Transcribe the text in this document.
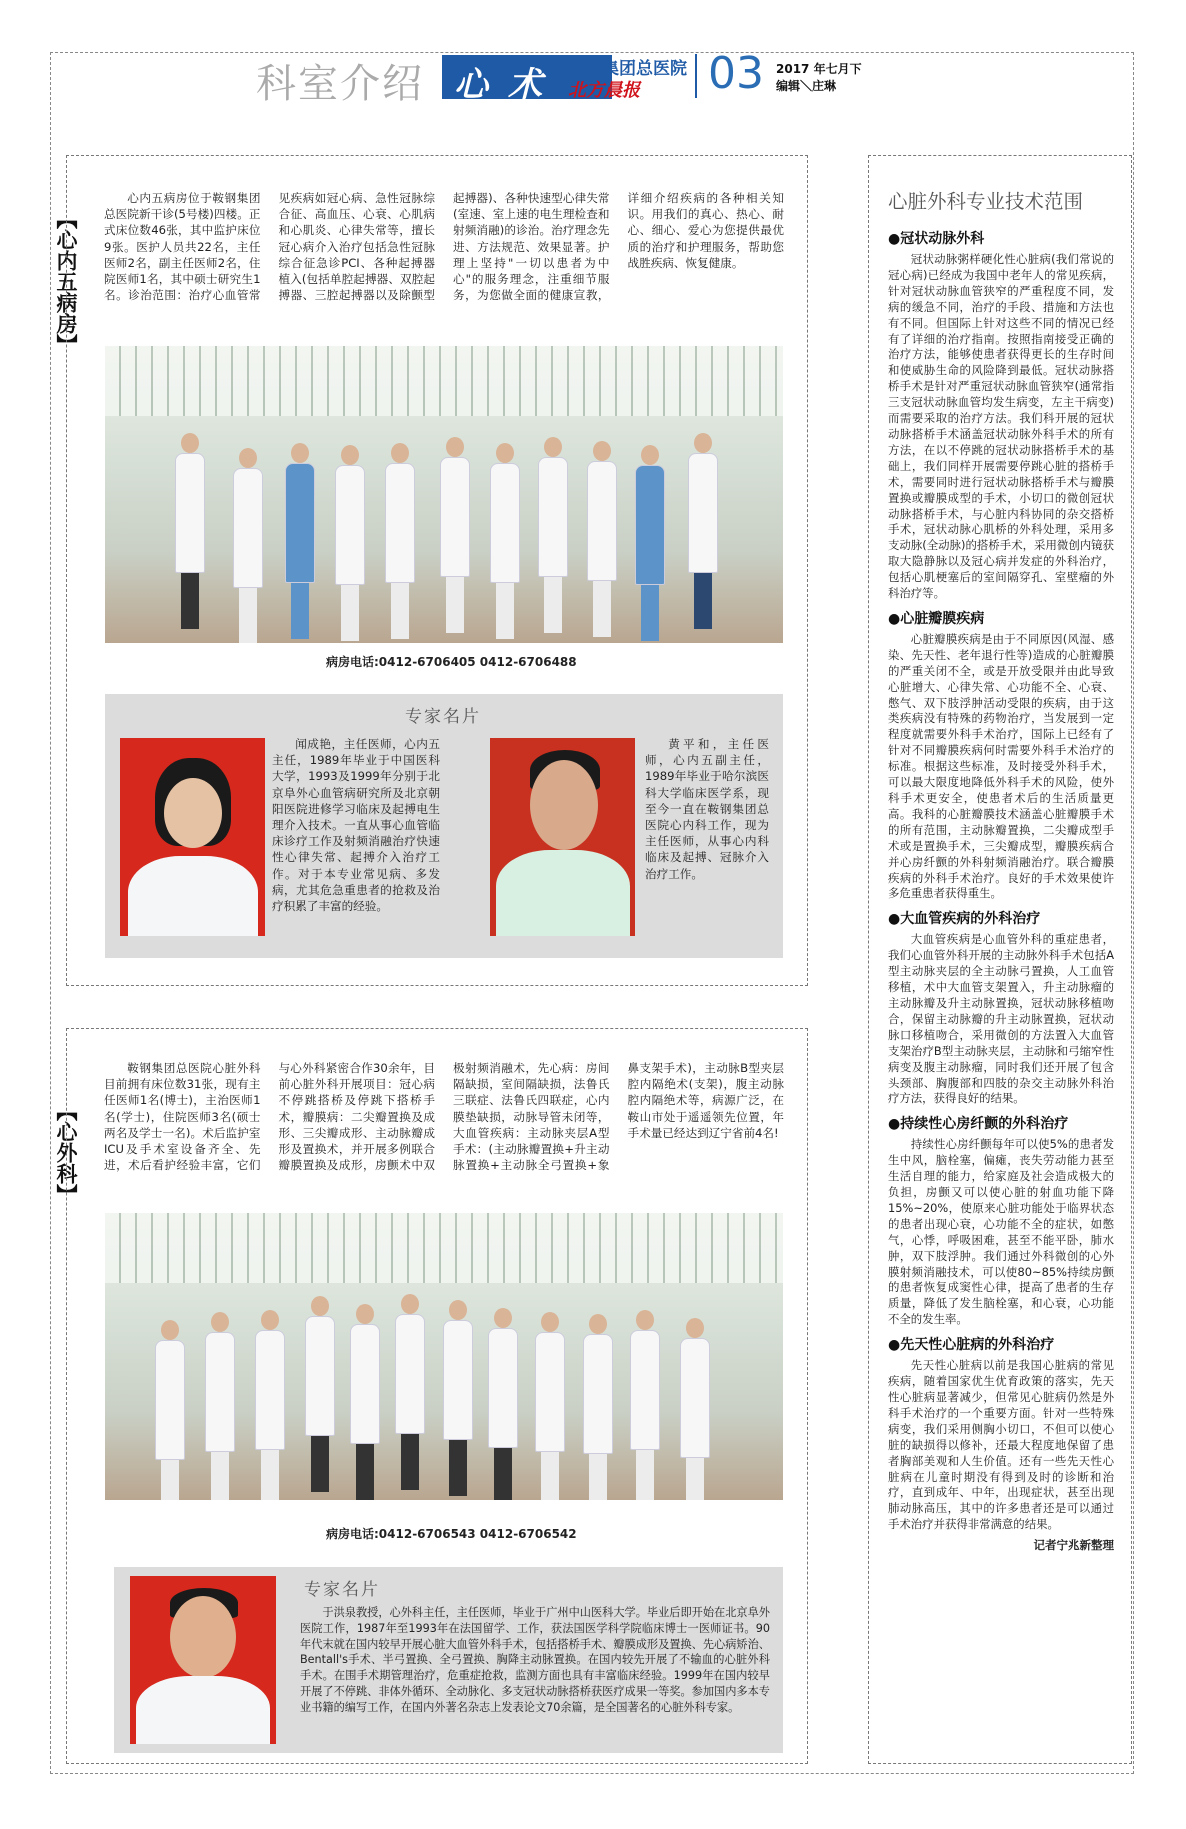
科室介绍 心术 鞍钢集团总医院
北方晨报 03 2017 年七月下
编辑＼庄琳
【心内五病房】
心内五病房位于鞍钢集团总医院新干诊(5号楼)四楼。正式床位数46张，其中监护床位9张。医护人员共22名，主任医师2名，副主任医师2名，住院医师1名，其中硕士研究生1名。诊治范围：治疗心血管常见疾病如冠心病、急性冠脉综合征、高血压、心衰、心肌病和心肌炎、心律失常等，擅长冠心病介入治疗包括急性冠脉综合征急诊PCI、各种起搏器植入(包括单腔起搏器、双腔起搏器、三腔起搏器以及除颤型起搏器)、各种快速型心律失常(室速、室上速的电生理检查和射频消融)的诊治。治疗理念先进、方法规范、效果显著。护理上坚持"一切以患者为中心"的服务理念，注重细节服务，为您做全面的健康宣教，详细介绍疾病的各种相关知识。用我们的真心、热心、耐心、细心、爱心为您提供最优质的治疗和护理服务，帮助您战胜疾病、恢复健康。
病房电话:0412-6706405 0412-6706488
专家名片
闻成艳，主任医师，心内五主任，1989年毕业于中国医科大学，1993及1999年分别于北京阜外心血管病研究所及北京朝阳医院进修学习临床及起搏电生理介入技术。一直从事心血管临床诊疗工作及射频消融治疗快速性心律失常、起搏介入治疗工作。对于本专业常见病、多发病，尤其危急重患者的抢救及治疗积累了丰富的经验。
黄平和，主任医师，心内五副主任，1989年毕业于哈尔滨医科大学临床医学系，现至今一直在鞍钢集团总医院心内科工作，现为主任医师，从事心内科临床及起搏、冠脉介入治疗工作。
【心外科】
鞍钢集团总医院心脏外科目前拥有床位数31张，现有主任医师1名(博士)，主治医师1名(学士)，住院医师3名(硕士两名及学士一名)。术后监护室ICU及手术室设备齐全、先进，术后看护经验丰富，它们与心外科紧密合作30余年，目前心脏外科开展项目：冠心病不停跳搭桥及停跳下搭桥手术，瓣膜病：二尖瓣置换及成形、三尖瓣成形、主动脉瓣成形及置换术，并开展多例联合瓣膜置换及成形，房颤术中双极射频消融术，先心病：房间隔缺损，室间隔缺损，法鲁氏三联症、法鲁氏四联症，心内膜垫缺损，动脉导管未闭等，大血管疾病：主动脉夹层A型手术：(主动脉瓣置换+升主动脉置换+主动脉全弓置换+象鼻支架手术)，主动脉B型夹层腔内隔绝术(支架)，腹主动脉腔内隔绝术等，病源广泛，在鞍山市处于遥遥领先位置，年手术量已经达到辽宁省前4名!
病房电话:0412-6706543 0412-6706542
专家名片
于洪泉教授，心外科主任，主任医师，毕业于广州中山医科大学。毕业后即开始在北京阜外医院工作，1987年至1993年在法国留学、工作，获法国医学科学院临床博士一医师证书。90年代末就在国内较早开展心脏大血管外科手术，包括搭桥手术、瓣膜成形及置换、先心病矫治、Bentall's手术、半弓置换、全弓置换、胸降主动脉置换。在国内较先开展了不输血的心脏外科手术。在围手术期管理治疗，危重症抢救，监测方面也具有丰富临床经验。1999年在国内较早开展了不停跳、非体外循环、全动脉化、多支冠状动脉搭桥获医疗成果一等奖。参加国内多本专业书籍的编写工作，在国内外著名杂志上发表论文70余篇，是全国著名的心脏外科专家。
心脏外科专业技术范围
●冠状动脉外科

冠状动脉粥样硬化性心脏病(我们常说的冠心病)已经成为我国中老年人的常见疾病，针对冠状动脉血管狭窄的严重程度不同，发病的缓急不同，治疗的手段、措施和方法也有不同。但国际上针对这些不同的情况已经有了详细的治疗指南。按照指南接受正确的治疗方法，能够使患者获得更长的生存时间和使威胁生命的风险降到最低。冠状动脉搭桥手术是针对严重冠状动脉血管狭窄(通常指三支冠状动脉血管均发生病变，左主干病变)而需要采取的治疗方法。我们科开展的冠状动脉搭桥手术涵盖冠状动脉外科手术的所有方法，在以不停跳的冠状动脉搭桥手术的基础上，我们同样开展需要停跳心脏的搭桥手术，需要同时进行冠状动脉搭桥手术与瓣膜置换或瓣膜成型的手术，小切口的微创冠状动脉搭桥手术，与心脏内科协同的杂交搭桥手术，冠状动脉心肌桥的外科处理，采用多支动脉(全动脉)的搭桥手术，采用微创内镜获取大隐静脉以及冠心病并发症的外科治疗，包括心肌梗塞后的室间隔穿孔、室壁瘤的外科治疗等。

●心脏瓣膜疾病

心脏瓣膜疾病是由于不同原因(风湿、感染、先天性、老年退行性等)造成的心脏瓣膜的严重关闭不全，或是开放受限并由此导致心脏增大、心律失常、心功能不全、心衰、憋气、双下肢浮肿活动受限的疾病，由于这类疾病没有特殊的药物治疗，当发展到一定程度就需要外科手术治疗，国际上已经有了针对不同瓣膜疾病何时需要外科手术治疗的标准。根据这些标准，及时接受外科手术，可以最大限度地降低外科手术的风险，使外科手术更安全，使患者术后的生活质量更高。我科的心脏瓣膜技术涵盖心脏瓣膜手术的所有范围，主动脉瓣置换，二尖瓣成型手术或是置换手术，三尖瓣成型，瓣膜疾病合并心房纤颤的外科射频消融治疗。联合瓣膜疾病的外科手术治疗。良好的手术效果使许多危重患者获得重生。

●大血管疾病的外科治疗

大血管疾病是心血管外科的重症患者，我们心血管外科开展的主动脉外科手术包括A型主动脉夹层的全主动脉弓置换，人工血管移植，术中大血管支架置入，升主动脉瘤的主动脉瓣及升主动脉置换，冠状动脉移植吻合，保留主动脉瓣的升主动脉置换，冠状动脉口移植吻合，采用微创的方法置入大血管支架治疗B型主动脉夹层，主动脉和弓缩窄性病变及腹主动脉瘤，同时我们还开展了包含头颈部、胸腹部和四肢的杂交主动脉外科治疗方法，获得良好的结果。

●持续性心房纤颤的外科治疗

持续性心房纤颤每年可以使5%的患者发生中风，脑栓塞，偏瘫，丧失劳动能力甚至生活自理的能力，给家庭及社会造成极大的负担，房颤又可以使心脏的射血功能下降15%~20%，使原来心脏功能处于临界状态的患者出现心衰，心功能不全的症状，如憋气，心悸，呼吸困难，甚至不能平卧，肺水肿，双下肢浮肿。我们通过外科微创的心外膜射频消融技术，可以使80~85%持续房颤的患者恢复成窦性心律，提高了患者的生存质量，降低了发生脑栓塞，和心衰，心功能不全的发生率。

●先天性心脏病的外科治疗

先天性心脏病以前是我国心脏病的常见疾病，随着国家优生优育政策的落实，先天性心脏病显著减少，但常见心脏病仍然是外科手术治疗的一个重要方面。针对一些特殊病变，我们采用侧胸小切口，不但可以使心脏的缺损得以修补，还最大程度地保留了患者胸部美观和人生价值。还有一些先天性心脏病在儿童时期没有得到及时的诊断和治疗，直到成年、中年，出现症状，甚至出现肺动脉高压，其中的许多患者还是可以通过手术治疗并获得非常满意的结果。

记者宁兆新整理
